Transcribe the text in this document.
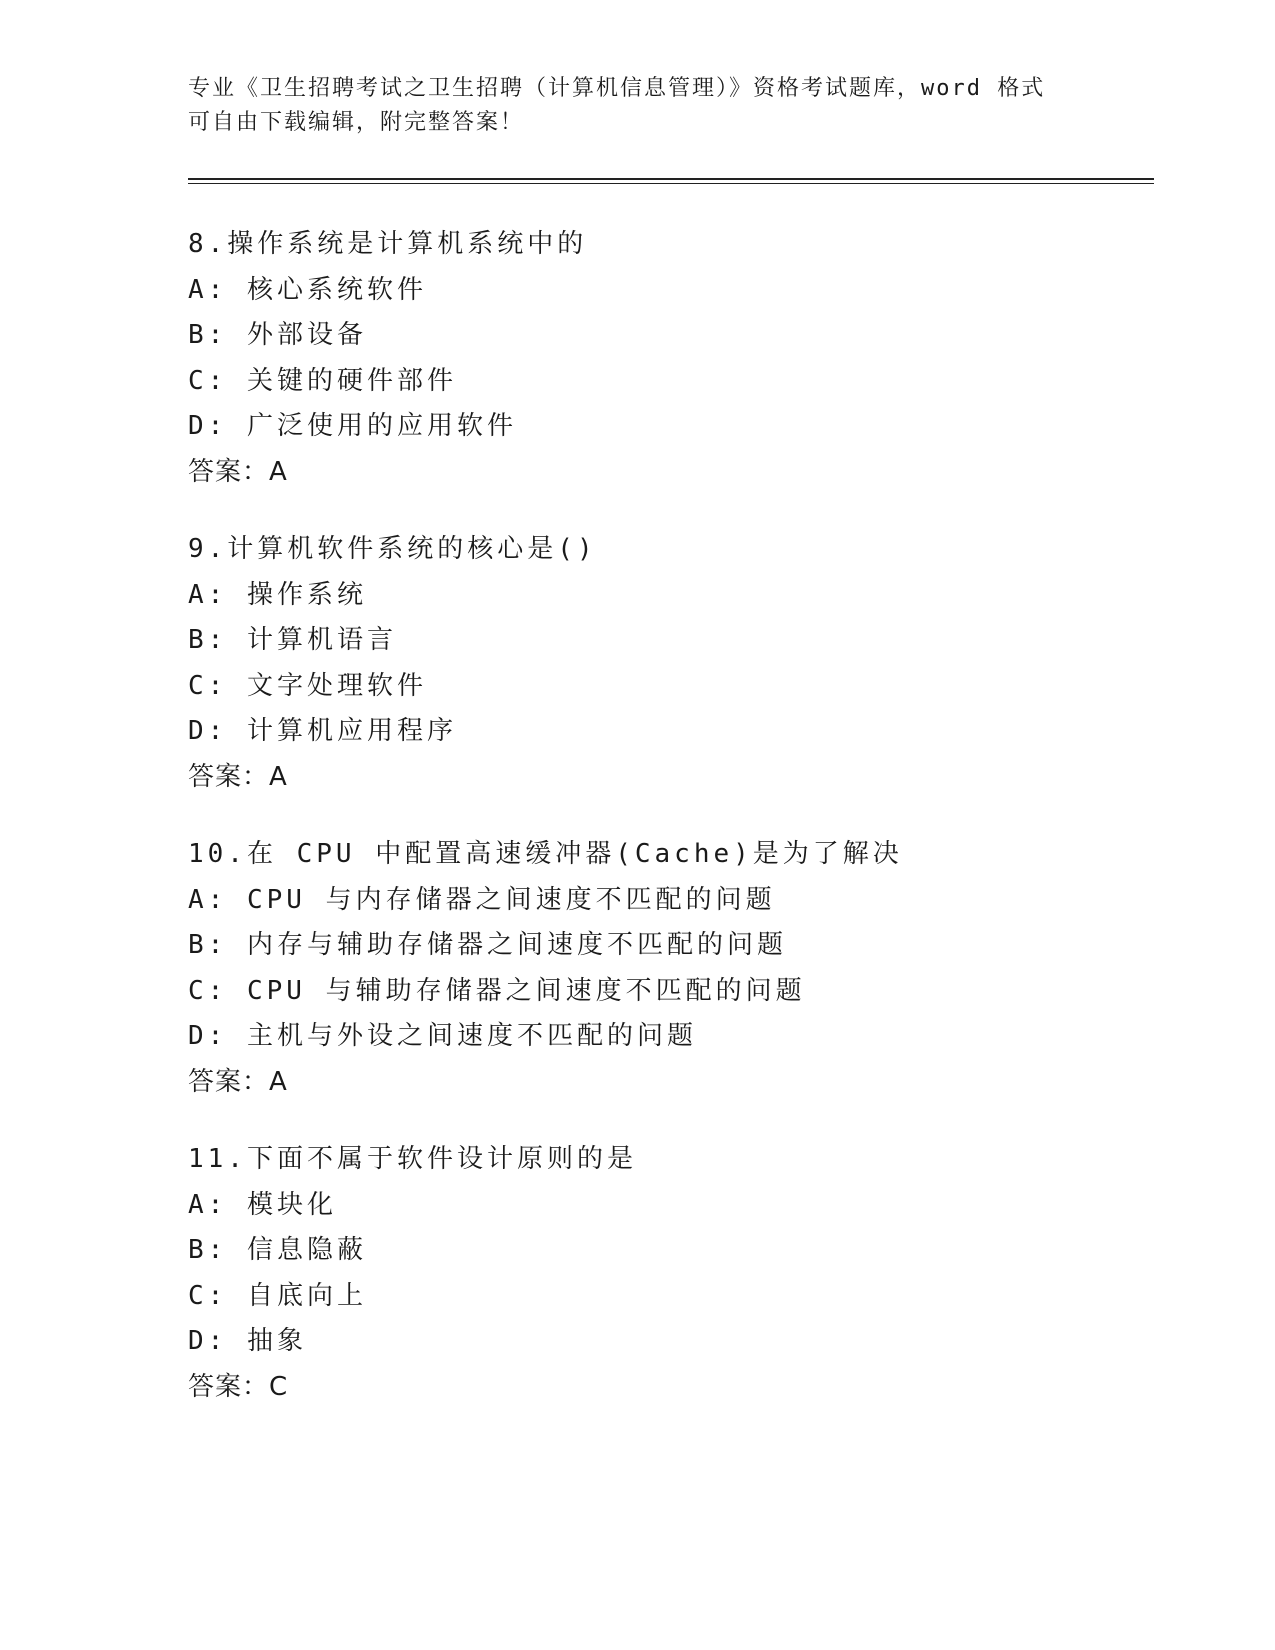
专业《卫生招聘考试之卫生招聘（计算机信息管理）》资格考试题库，word 格式
可自由下载编辑，附完整答案！
8.操作系统是计算机系统中的
A: 核心系统软件
B: 外部设备
C: 关键的硬件部件
D: 广泛使用的应用软件
答案：A
9.计算机软件系统的核心是()
A: 操作系统
B: 计算机语言
C: 文字处理软件
D: 计算机应用程序
答案：A
10.在 CPU 中配置高速缓冲器(Cache)是为了解决
A: CPU 与内存储器之间速度不匹配的问题
B: 内存与辅助存储器之间速度不匹配的问题
C: CPU 与辅助存储器之间速度不匹配的问题
D: 主机与外设之间速度不匹配的问题
答案：A
11.下面不属于软件设计原则的是
A: 模块化
B: 信息隐蔽
C: 自底向上
D: 抽象
答案：C
